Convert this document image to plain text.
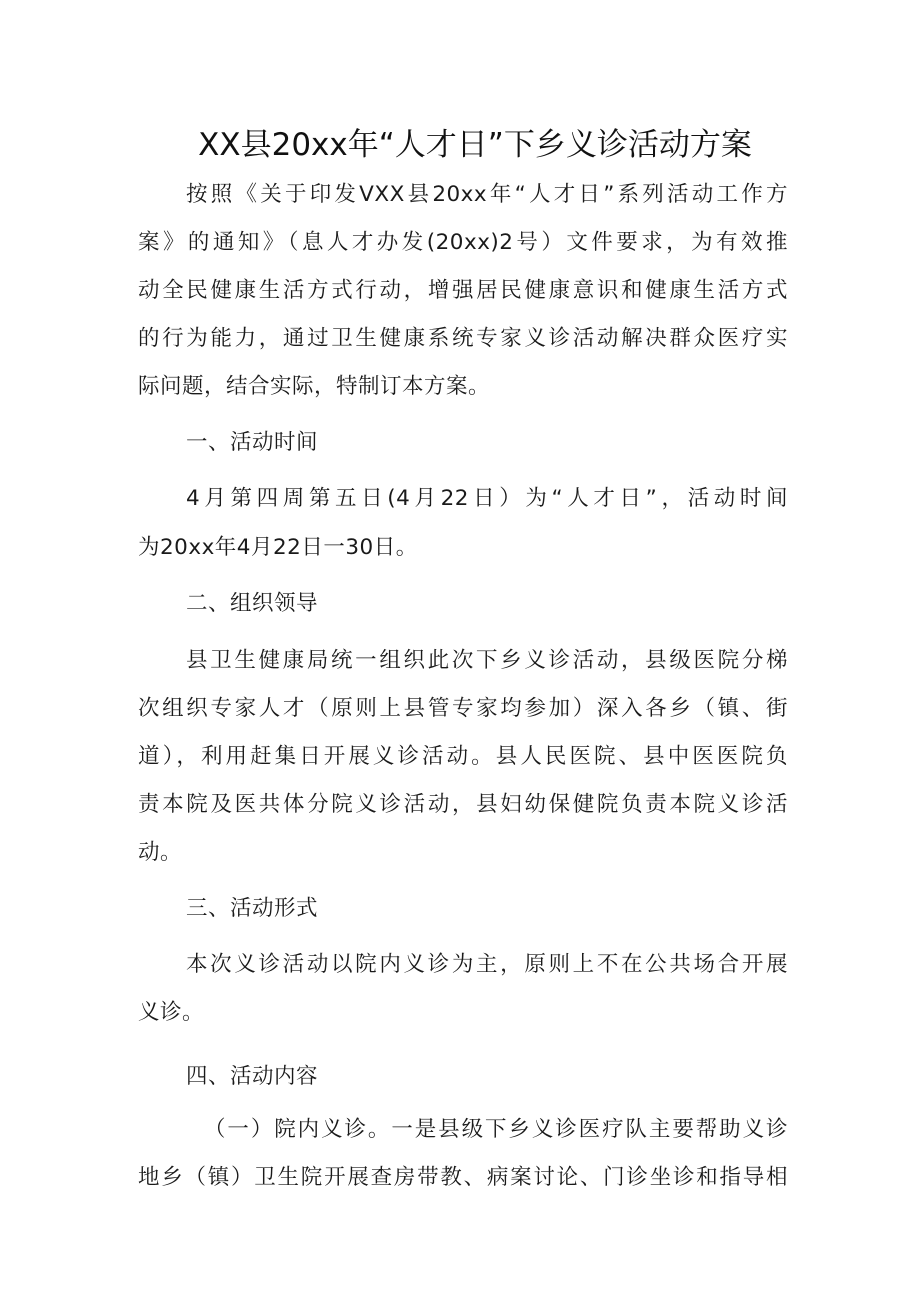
XX县20xx年“人才日”下乡义诊活动方案
按照《关于印发VXX县20xx年“人才日”系列活动工作方
案》的通知》（息人才办发(20xx)2号）文件要求，为有效推
动全民健康生活方式行动，增强居民健康意识和健康生活方式
的行为能力，通过卫生健康系统专家义诊活动解决群众医疗实
际问题，结合实际，特制订本方案。
一、活动时间
4月第四周第五日(4月22日）为“人才日”，活动时间
为20xx年4月22日一30日。
二、组织领导
县卫生健康局统一组织此次下乡义诊活动，县级医院分梯
次组织专家人才（原则上县管专家均参加）深入各乡（镇、街
道），利用赶集日开展义诊活动。县人民医院、县中医医院负
责本院及医共体分院义诊活动，县妇幼保健院负责本院义诊活
动。
三、活动形式
本次义诊活动以院内义诊为主，原则上不在公共场合开展
义诊。
四、活动内容
（一）院内义诊。一是县级下乡义诊医疗队主要帮助义诊
地乡（镇）卫生院开展查房带教、病案讨论、门诊坐诊和指导相
